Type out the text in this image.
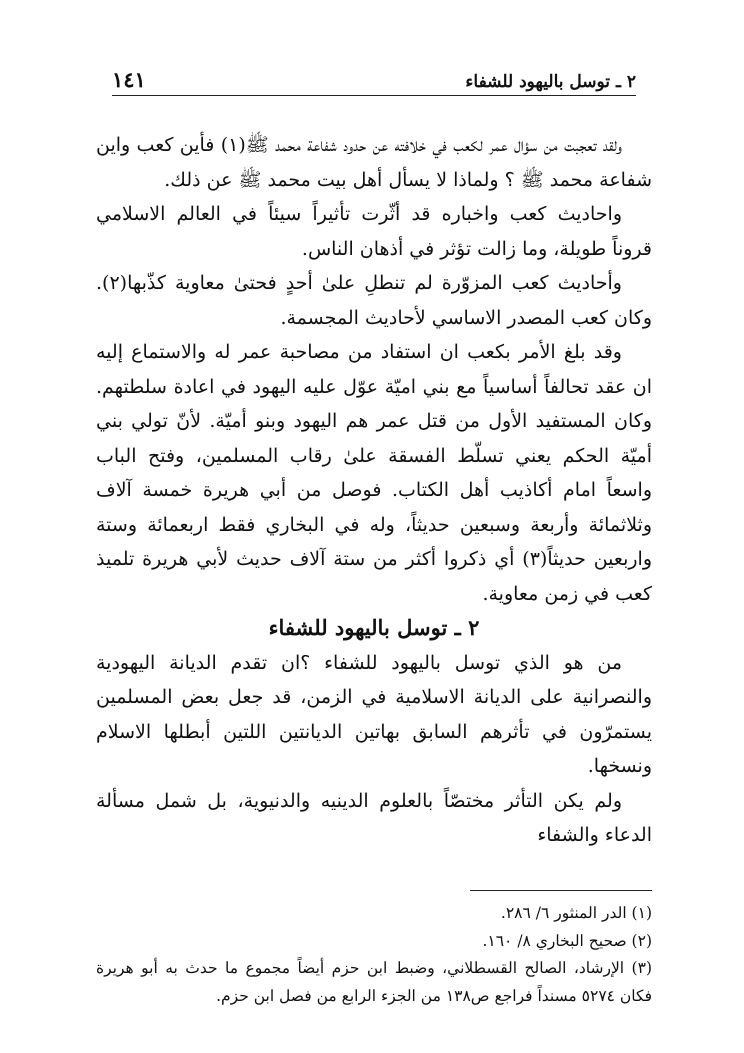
٢ ـ توسل باليهود للشفاء
١٤١

ولقد تعجبت من سؤال عمر لكعب في خلافته عن حدود شفاعة محمد ﷺ(١) فأين كعب واين شفاعة محمد ﷺ ؟ ولماذا لا يسأل أهل بيت محمد ﷺ عن ذلك.

واحاديث كعب واخباره قد أثّرت تأثيراً سيئاً في العالم الاسلامي قروناً طويلة، وما زالت تؤثر في أذهان الناس.

وأحاديث كعب المزوّرة لم تنطلِ علىٰ أحدٍ فحتىٰ معاوية كذّبها(٢). وكان كعب المصدر الاساسي لأحاديث المجسمة.

وقد بلغ الأمر بكعب ان استفاد من مصاحبة عمر له والاستماع إليه ان عقد تحالفاً أساسياً مع بني اميّة عوّل عليه اليهود في اعادة سلطتهم. وكان المستفيد الأول من قتل عمر هم اليهود وبنو أميّة. لأنّ تولي بني أميّة الحكم يعني تسلّط الفسقة علىٰ رقاب المسلمين، وفتح الباب واسعاً امام أكاذيب أهل الكتاب. فوصل من أبي هريرة خمسة آلاف وثلاثمائة وأربعة وسبعين حديثاً، وله في البخاري فقط اربعمائة وستة واربعين حديثاً(٣) أي ذكروا أكثر من ستة آلاف حديث لأبي هريرة تلميذ كعب في زمن معاوية.

٢ ـ توسل باليهود للشفاء

من هو الذي توسل باليهود للشفاء ؟ان تقدم الديانة اليهودية والنصرانية على الديانة الاسلامية في الزمن، قد جعل بعض المسلمين يستمرّون في تأثرهم السابق بهاتين الديانتين اللتين أبطلها الاسلام ونسخها.

ولم يكن التأثر مختصّاً بالعلوم الدينيه والدنيوية، بل شمل مسألة الدعاء والشفاء

(١) الدر المنثور ٦/ ٢٨٦.

(٢) صحيح البخاري ٨/ ١٦٠.

(٣) الإرشاد، الصالح القسطلاني، وضبط ابن حزم أيضاً مجموع ما حدث به أبو هريرة فكان ٥٢٧٤ مسنداً فراجع ص١٣٨ من الجزء الرابع من فصل ابن حزم.
